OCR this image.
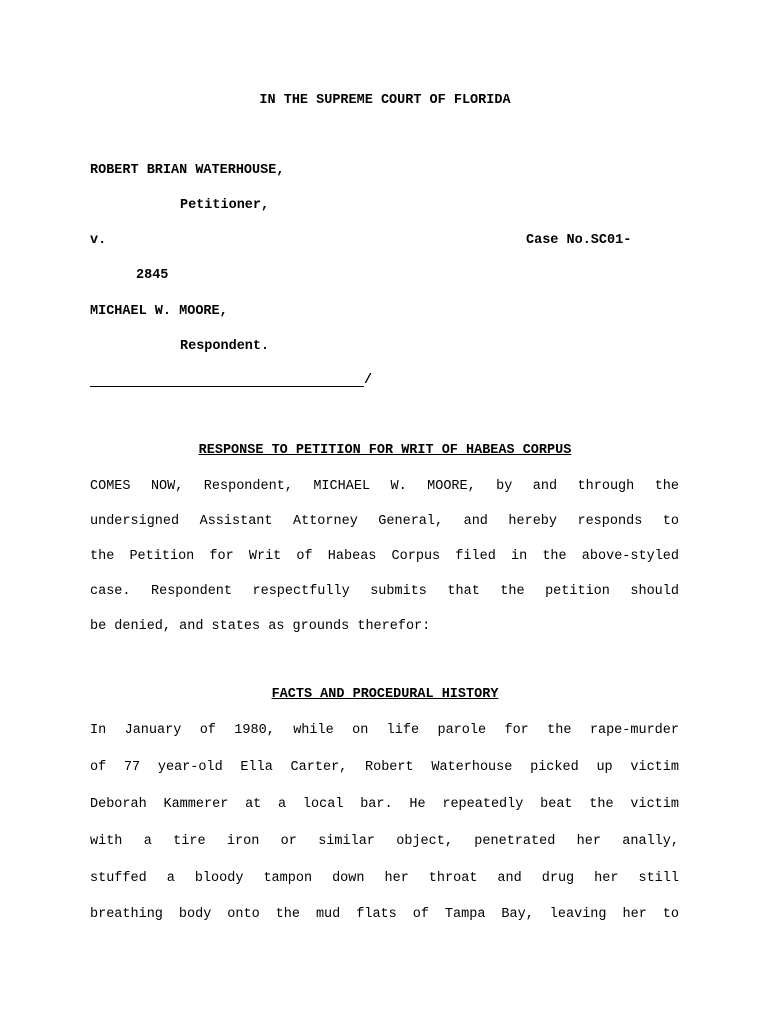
IN THE SUPREME COURT OF FLORIDA
ROBERT BRIAN WATERHOUSE,
Petitioner,
v.	Case No.SC01-
2845
MICHAEL W. MOORE,
Respondent.
/
RESPONSE TO PETITION FOR WRIT OF HABEAS CORPUS
COMES NOW, Respondent, MICHAEL W. MOORE, by and through the
undersigned Assistant Attorney General, and hereby responds to
the Petition for Writ of Habeas Corpus filed in the above-styled
case. Respondent respectfully submits that the petition should
be denied, and states as grounds therefor:
FACTS AND PROCEDURAL HISTORY
In January of 1980, while on life parole for the rape-murder
of 77 year-old Ella Carter, Robert Waterhouse picked up victim
Deborah Kammerer at a local bar. He repeatedly beat the victim
with a tire iron or similar object, penetrated her anally,
stuffed a bloody tampon down her throat and drug her still
breathing body onto the mud flats of Tampa Bay, leaving her to
